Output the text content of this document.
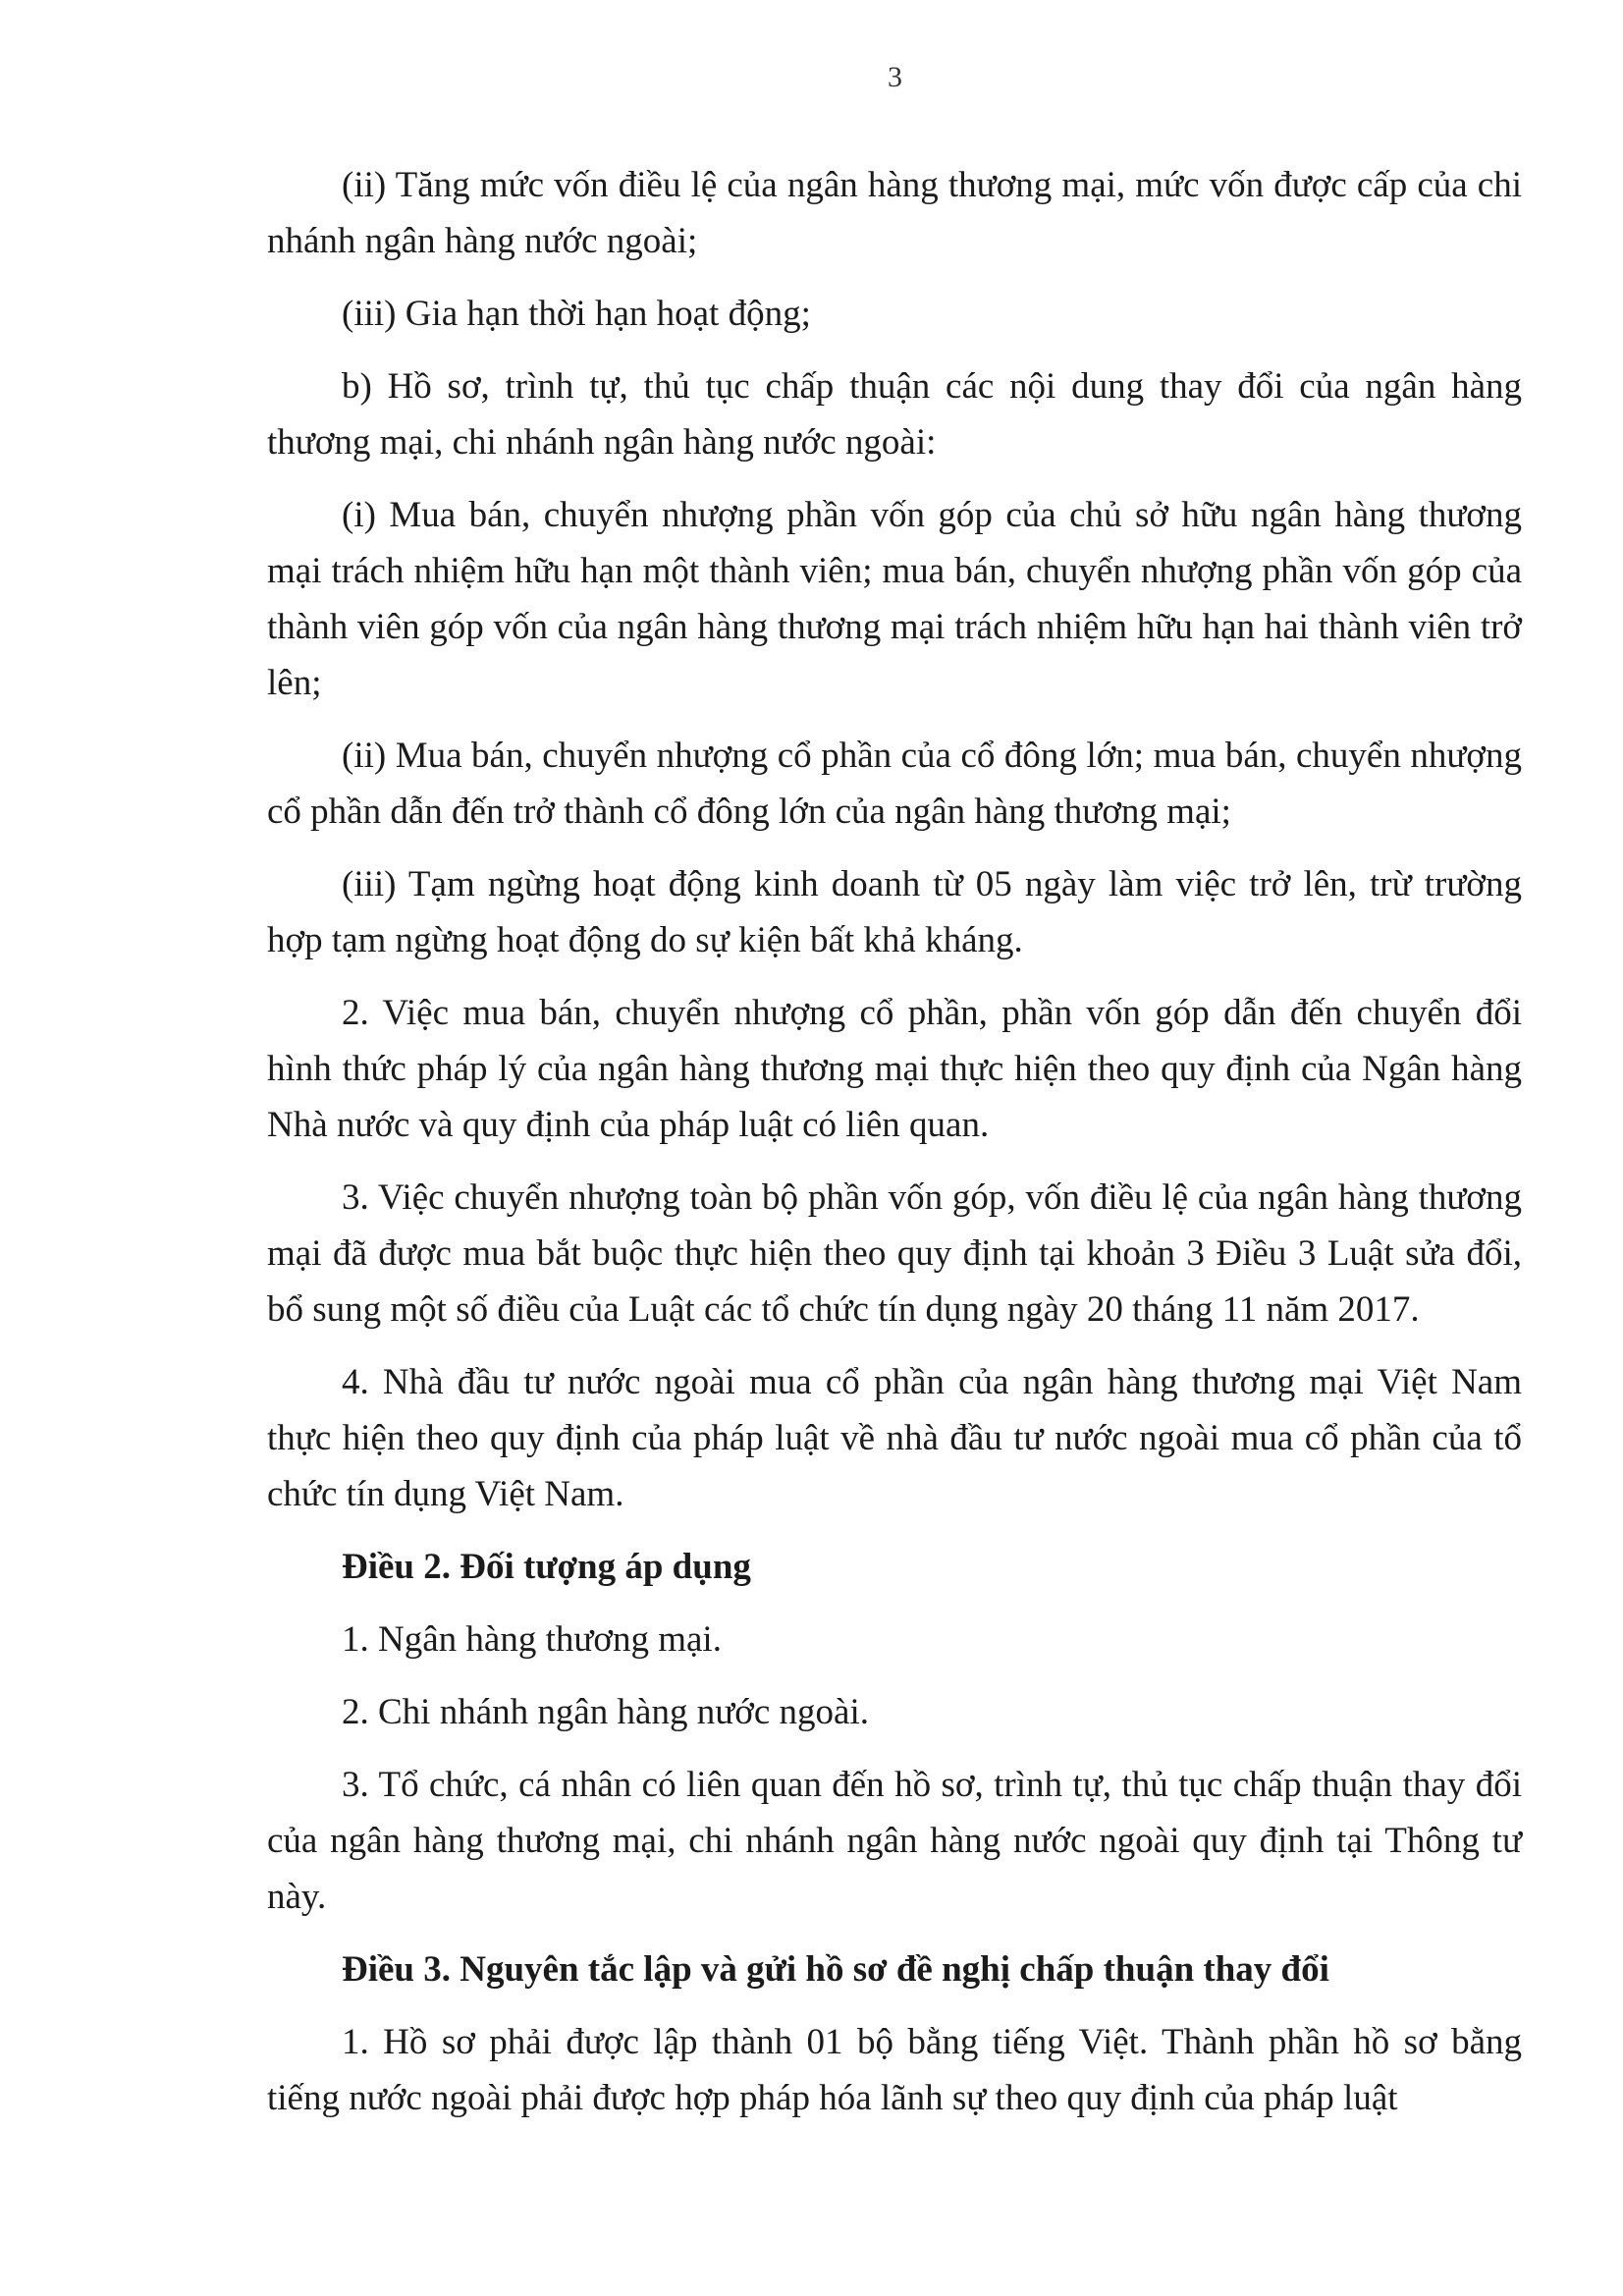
3

(ii) Tăng mức vốn điều lệ của ngân hàng thương mại, mức vốn được cấp của chi nhánh ngân hàng nước ngoài;

(iii) Gia hạn thời hạn hoạt động;

b) Hồ sơ, trình tự, thủ tục chấp thuận các nội dung thay đổi của ngân hàng thương mại, chi nhánh ngân hàng nước ngoài:

(i) Mua bán, chuyển nhượng phần vốn góp của chủ sở hữu ngân hàng thương mại trách nhiệm hữu hạn một thành viên; mua bán, chuyển nhượng phần vốn góp của thành viên góp vốn của ngân hàng thương mại trách nhiệm hữu hạn hai thành viên trở lên;

(ii) Mua bán, chuyển nhượng cổ phần của cổ đông lớn; mua bán, chuyển nhượng cổ phần dẫn đến trở thành cổ đông lớn của ngân hàng thương mại;

(iii) Tạm ngừng hoạt động kinh doanh từ 05 ngày làm việc trở lên, trừ trường hợp tạm ngừng hoạt động do sự kiện bất khả kháng.

2. Việc mua bán, chuyển nhượng cổ phần, phần vốn góp dẫn đến chuyển đổi hình thức pháp lý của ngân hàng thương mại thực hiện theo quy định của Ngân hàng Nhà nước và quy định của pháp luật có liên quan.

3. Việc chuyển nhượng toàn bộ phần vốn góp, vốn điều lệ của ngân hàng thương mại đã được mua bắt buộc thực hiện theo quy định tại khoản 3 Điều 3 Luật sửa đổi, bổ sung một số điều của Luật các tổ chức tín dụng ngày 20 tháng 11 năm 2017.

4. Nhà đầu tư nước ngoài mua cổ phần của ngân hàng thương mại Việt Nam thực hiện theo quy định của pháp luật về nhà đầu tư nước ngoài mua cổ phần của tổ chức tín dụng Việt Nam.

Điều 2. Đối tượng áp dụng

1. Ngân hàng thương mại.

2. Chi nhánh ngân hàng nước ngoài.

3. Tổ chức, cá nhân có liên quan đến hồ sơ, trình tự, thủ tục chấp thuận thay đổi của ngân hàng thương mại, chi nhánh ngân hàng nước ngoài quy định tại Thông tư này.

Điều 3. Nguyên tắc lập và gửi hồ sơ đề nghị chấp thuận thay đổi

1. Hồ sơ phải được lập thành 01 bộ bằng tiếng Việt. Thành phần hồ sơ bằng tiếng nước ngoài phải được hợp pháp hóa lãnh sự theo quy định của pháp luật
